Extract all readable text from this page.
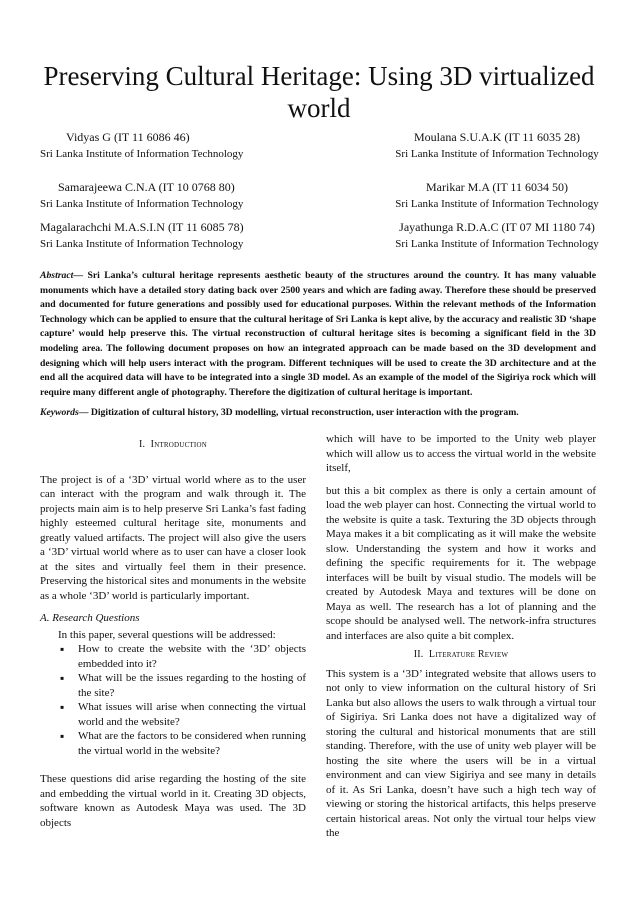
Preserving Cultural Heritage: Using 3D virtualized world
Vidyas G (IT 11 6086 46)
Sri Lanka Institute of Information Technology
Moulana S.U.A.K (IT 11 6035 28)
Sri Lanka Institute of Information Technology
Samarajeewa C.N.A (IT 10 0768 80)
Sri Lanka Institute of Information Technology
Marikar M.A (IT 11 6034 50)
Sri Lanka Institute of Information Technology
Magalarachchi M.A.S.I.N (IT 11 6085 78)
Sri Lanka Institute of Information Technology
Jayathunga R.D.A.C (IT 07 MI 1180 74)
Sri Lanka Institute of Information Technology
Abstract— Sri Lanka’s cultural heritage represents aesthetic beauty of the structures around the country. It has many valuable monuments which have a detailed story dating back over 2500 years and which are fading away. Therefore these should be preserved and documented for future generations and possibly used for educational purposes. Within the relevant methods of the Information Technology which can be applied to ensure that the cultural heritage of Sri Lanka is kept alive, by the accuracy and realistic 3D ‘shape capture’ would help preserve this. The virtual reconstruction of cultural heritage sites is becoming a significant field in the 3D modeling area. The following document proposes on how an integrated approach can be made based on the 3D development and designing which will help users interact with the program. Different techniques will be used to create the 3D architecture and at the end all the acquired data will have to be integrated into a single 3D model. As an example of the model of the Sigiriya rock which will require many different angle of photography. Therefore the digitization of cultural heritage is important.
Keywords— Digitization of cultural history, 3D modelling, virtual reconstruction, user interaction with the program.
I. Introduction

The project is of a ‘3D’ virtual world where as to the user can interact with the program and walk through it. The projects main aim is to help preserve Sri Lanka’s fast fading highly esteemed cultural heritage site, monuments and greatly valued artifacts. The project will also give the users a ‘3D’ virtual world where as to user can have a closer look at the sites and virtually feel them in their presence. Preserving the historical sites and monuments in the website as a whole ‘3D’ world is particularly important.

A. Research Questions

In this paper, several questions will be addressed:

▪ How to create the website with the ‘3D’ objects embedded into it?
▪ What will be the issues regarding to the hosting of the site?
▪ What issues will arise when connecting the virtual world and the website?
▪ What are the factors to be considered when running the virtual world in the website?

These questions did arise regarding the hosting of the site and embedding the virtual world in it. Creating 3D objects, software known as Autodesk Maya was used. The 3D objects

which will have to be imported to the Unity web player which will allow us to access the virtual world in the website itself,

but this a bit complex as there is only a certain amount of load the web player can host. Connecting the virtual world to the website is quite a task. Texturing the 3D objects through Maya makes it a bit complicating as it will make the website slow. Understanding the system and how it works and defining the specific requirements for it. The webpage interfaces will be built by visual studio. The models will be created by Autodesk Maya and textures will be done on Maya as well. The research has a lot of planning and the scope should be analysed well. The network-infra structures and interfaces are also quite a bit complex.

II. Literature Review

This system is a ‘3D’ integrated website that allows users to not only to view information on the cultural history of Sri Lanka but also allows the users to walk through a virtual tour of Sigiriya. Sri Lanka does not have a digitalized way of storing the cultural and historical monuments that are still standing. Therefore, with the use of unity web player will be hosting the site where the users will be in a virtual environment and can view Sigiriya and see many in details of it. As Sri Lanka, doesn’t have such a high tech way of viewing or storing the historical artifacts, this helps preserve certain historical areas. Not only the virtual tour helps view the
